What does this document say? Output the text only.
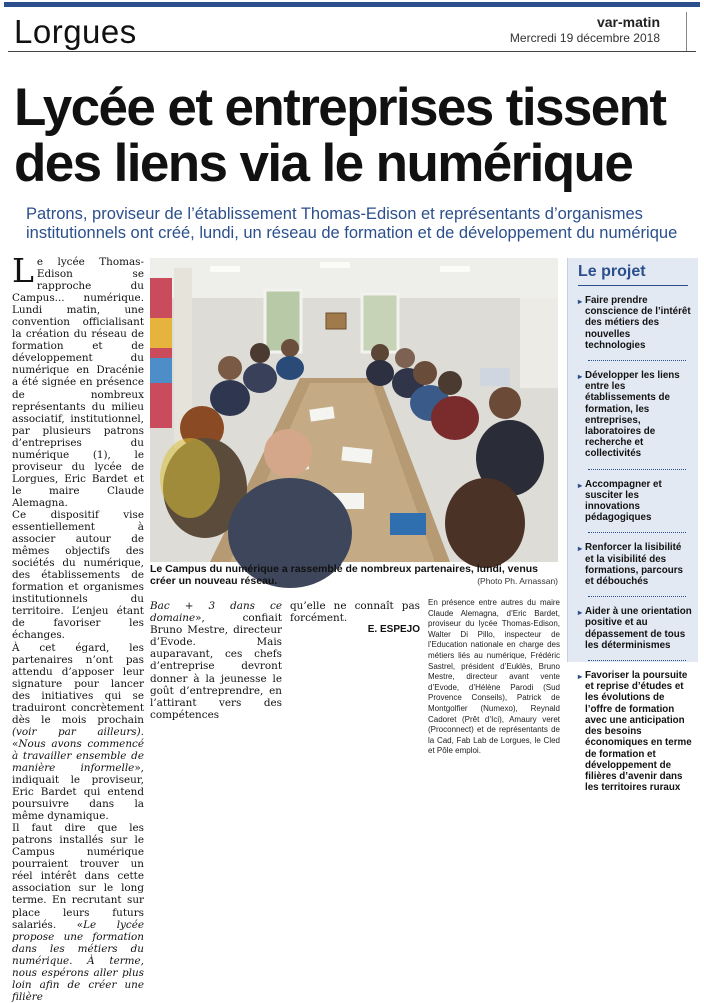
Lorgues	var-matin
Mercredi 19 décembre 2018
Lycée et entreprises tissent
des liens via le numérique
Patrons, proviseur de l’établissement Thomas-Edison et représentants d’organismes institutionnels ont créé, lundi, un réseau de formation et de développement du numérique

Le lycée Thomas-Edison se rapproche du Campus... numérique. Lundi matin, une convention officialisant la création du réseau de formation et de développement du numérique en Dracénie a été signée en présence de nombreux représentants du milieu associatif, institutionnel, par plusieurs patrons d’entreprises du numérique (1), le proviseur du lycée de Lorgues, Eric Bardet et le maire Claude Alemagna.

Ce dispositif vise essentiellement à associer autour de mêmes objectifs des sociétés du numérique, des établissements de formation et organismes institutionnels du territoire. L’enjeu étant de favoriser les échanges.

À cet égard, les partenaires n’ont pas attendu d’apposer leur signature pour lancer des initiatives qui se traduiront concrètement dès le mois prochain (voir par ailleurs). «Nous avons commencé à travailler ensemble de manière informelle», indiquait le proviseur, Eric Bardet qui entend poursuivre dans la même dynamique.

Il faut dire que les patrons installés sur le Campus numérique pourraient trouver un réel intérêt dans cette association sur le long terme. En recrutant sur place leurs futurs salariés. «Le lycée propose une formation dans les métiers du numérique. À terme, nous espérons aller plus loin afin de créer une filière

Le Campus du numérique a rassemblé de nombreux partenaires, lundi, venus créer un nouveau réseau.	(Photo Ph. Arnassan)
Bac + 3 dans ce domaine», confiait Bruno Mestre, directeur d’Evode. Mais auparavant, ces chefs d’entreprise devront donner à la jeunesse le goût d’entreprendre, en l’attirant vers des compétences
qu’elle ne connaît pas forcément.
E. ESPEJO
En présence entre autres du maire Claude Alemagna, d’Eric Bardet, proviseur du lycée Thomas-Edison, Walter Di Pillo, inspecteur de l’Education nationale en charge des métiers liés au numérique, Frédéric Sastrel, président d’Euklès, Bruno Mestre, directeur avant vente d’Evode, d’Hélène Parodi (Sud Provence Conseils), Patrick de Montgolfier (Numexo), Reynald Cadoret (Prêt d’Ici), Amaury veret (Proconnect) et de représentants de la Cad, Fab Lab de Lorgues, le Cled et Pôle emploi.
Le projet
▸ Faire prendre conscience de l’intérêt des métiers des nouvelles technologies
▸ Développer les liens entre les établissements de formation, les entreprises, laboratoires de recherche et collectivités
▸ Accompagner et susciter les innovations pédagogiques
▸ Renforcer la lisibilité et la visibilité des formations, parcours et débouchés
▸ Aider à une orientation positive et au dépassement de tous les déterminismes
▸ Favoriser la poursuite et reprise d’études et les évolutions de l’offre de formation avec une anticipation des besoins économiques en terme de formation et développement de filières d’avenir dans les territoires ruraux
